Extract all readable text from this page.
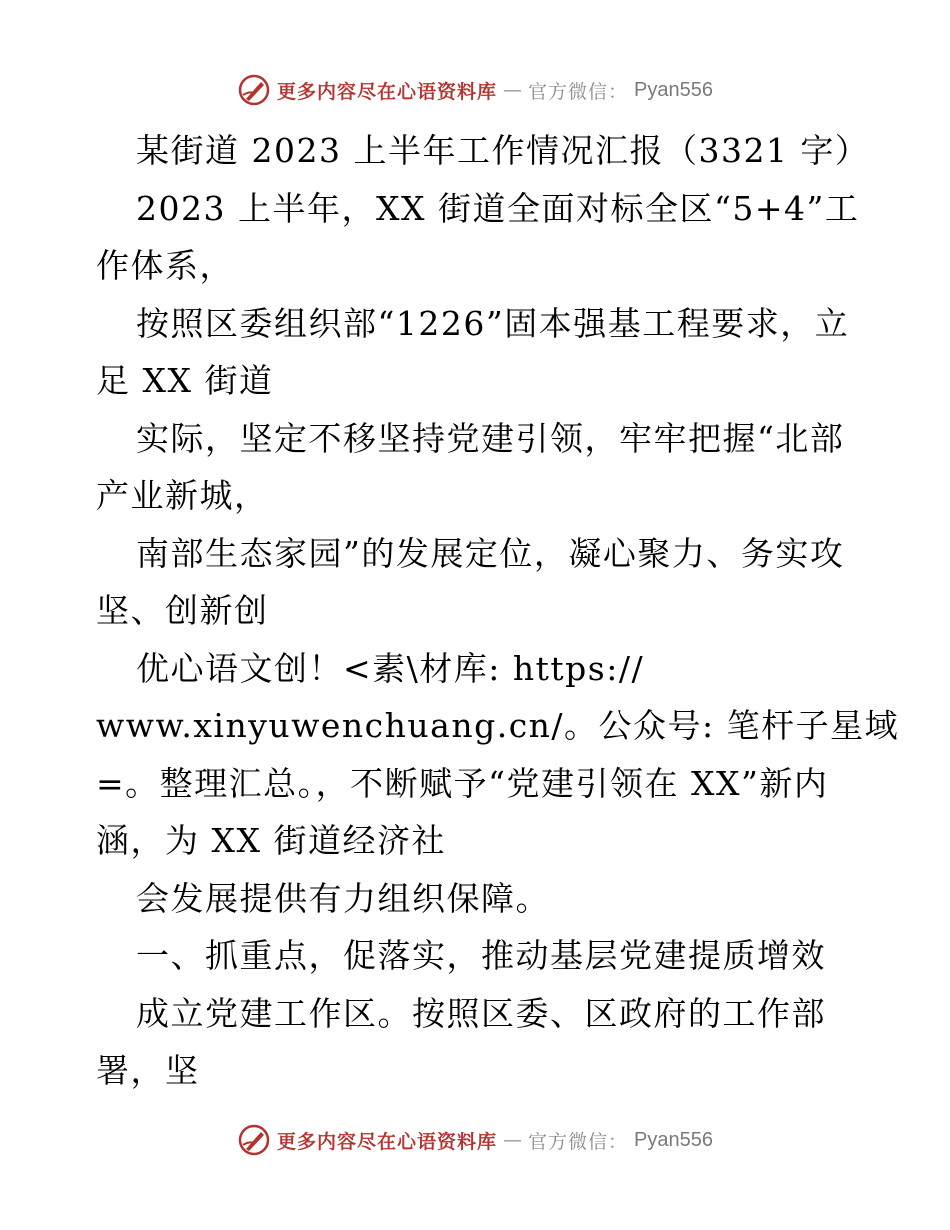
更多内容尽在心语资料库 — 官方微信： Pyan556
某街道 2023 上半年工作情况汇报（3321 字）
2023 上半年，XX 街道全面对标全区“5+4”工
作体系，
按照区委组织部“1226”固本强基工程要求，立
足 XX 街道
实际，坚定不移坚持党建引领，牢牢把握“北部
产业新城，
南部生态家园”的发展定位，凝心聚力、务实攻
坚、创新创
优心语文创！<素\材库: https://
www.xinyuwenchuang.cn/。公众号: 笔杆子星域
=。整理汇总。，不断赋予“党建引领在 XX”新内
涵，为 XX 街道经济社
会发展提供有力组织保障。
一、抓重点，促落实，推动基层党建提质增效
成立党建工作区。按照区委、区政府的工作部
署，坚
更多内容尽在心语资料库 — 官方微信： Pyan556
